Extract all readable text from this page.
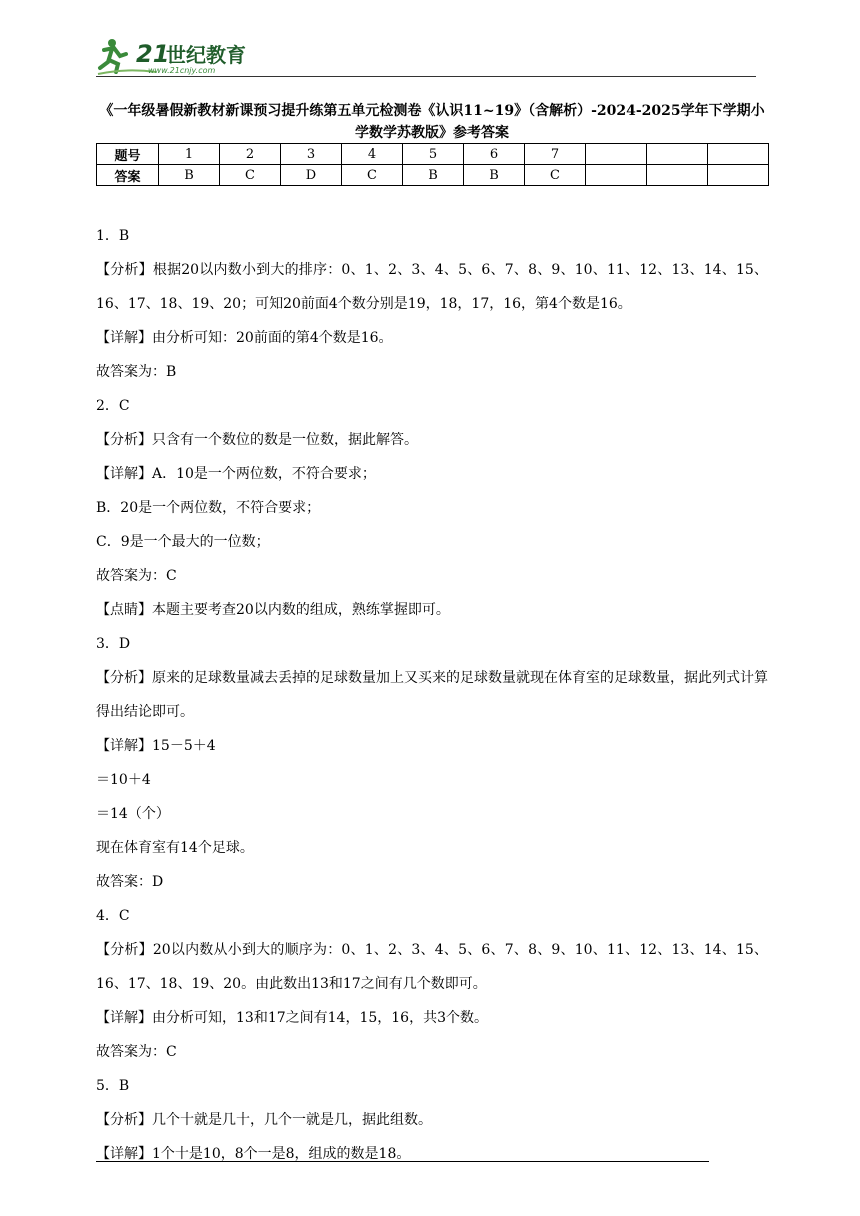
21
世纪教育
www.21cnjy.com
《一年级暑假新教材新课预习提升练第五单元检测卷《认识11~19》（含解析）-2024-2025学年下学期小学数学苏教版》参考答案
题号	1	2	3	4	5	6	7			
答案	B	C	D	C	B	B	C			
1．B
【分析】根据20以内数小到大的排序：0、1、2、3、4、5、6、7、8、9、10、11、12、13、14、15、16、17、18、19、20；可知20前面4个数分别是19，18，17，16，第4个数是16。
【详解】由分析可知：20前面的第4个数是16。
故答案为：B
2．C
【分析】只含有一个数位的数是一位数，据此解答。
【详解】A．10是一个两位数，不符合要求；
B．20是一个两位数，不符合要求；
C．9是一个最大的一位数；
故答案为：C
【点睛】本题主要考查20以内数的组成，熟练掌握即可。
3．D
【分析】原来的足球数量减去丢掉的足球数量加上又买来的足球数量就现在体育室的足球数量，据此列式计算得出结论即可。
【详解】15－5＋4
＝10＋4
＝14（个）
现在体育室有14个足球。
故答案：D
4．C
【分析】20以内数从小到大的顺序为：0、1、2、3、4、5、6、7、8、9、10、11、12、13、14、15、16、17、18、19、20。由此数出13和17之间有几个数即可。
【详解】由分析可知，13和17之间有14，15，16，共3个数。
故答案为：C
5．B
【分析】几个十就是几十，几个一就是几，据此组数。
【详解】1个十是10，8个一是8，组成的数是18。
